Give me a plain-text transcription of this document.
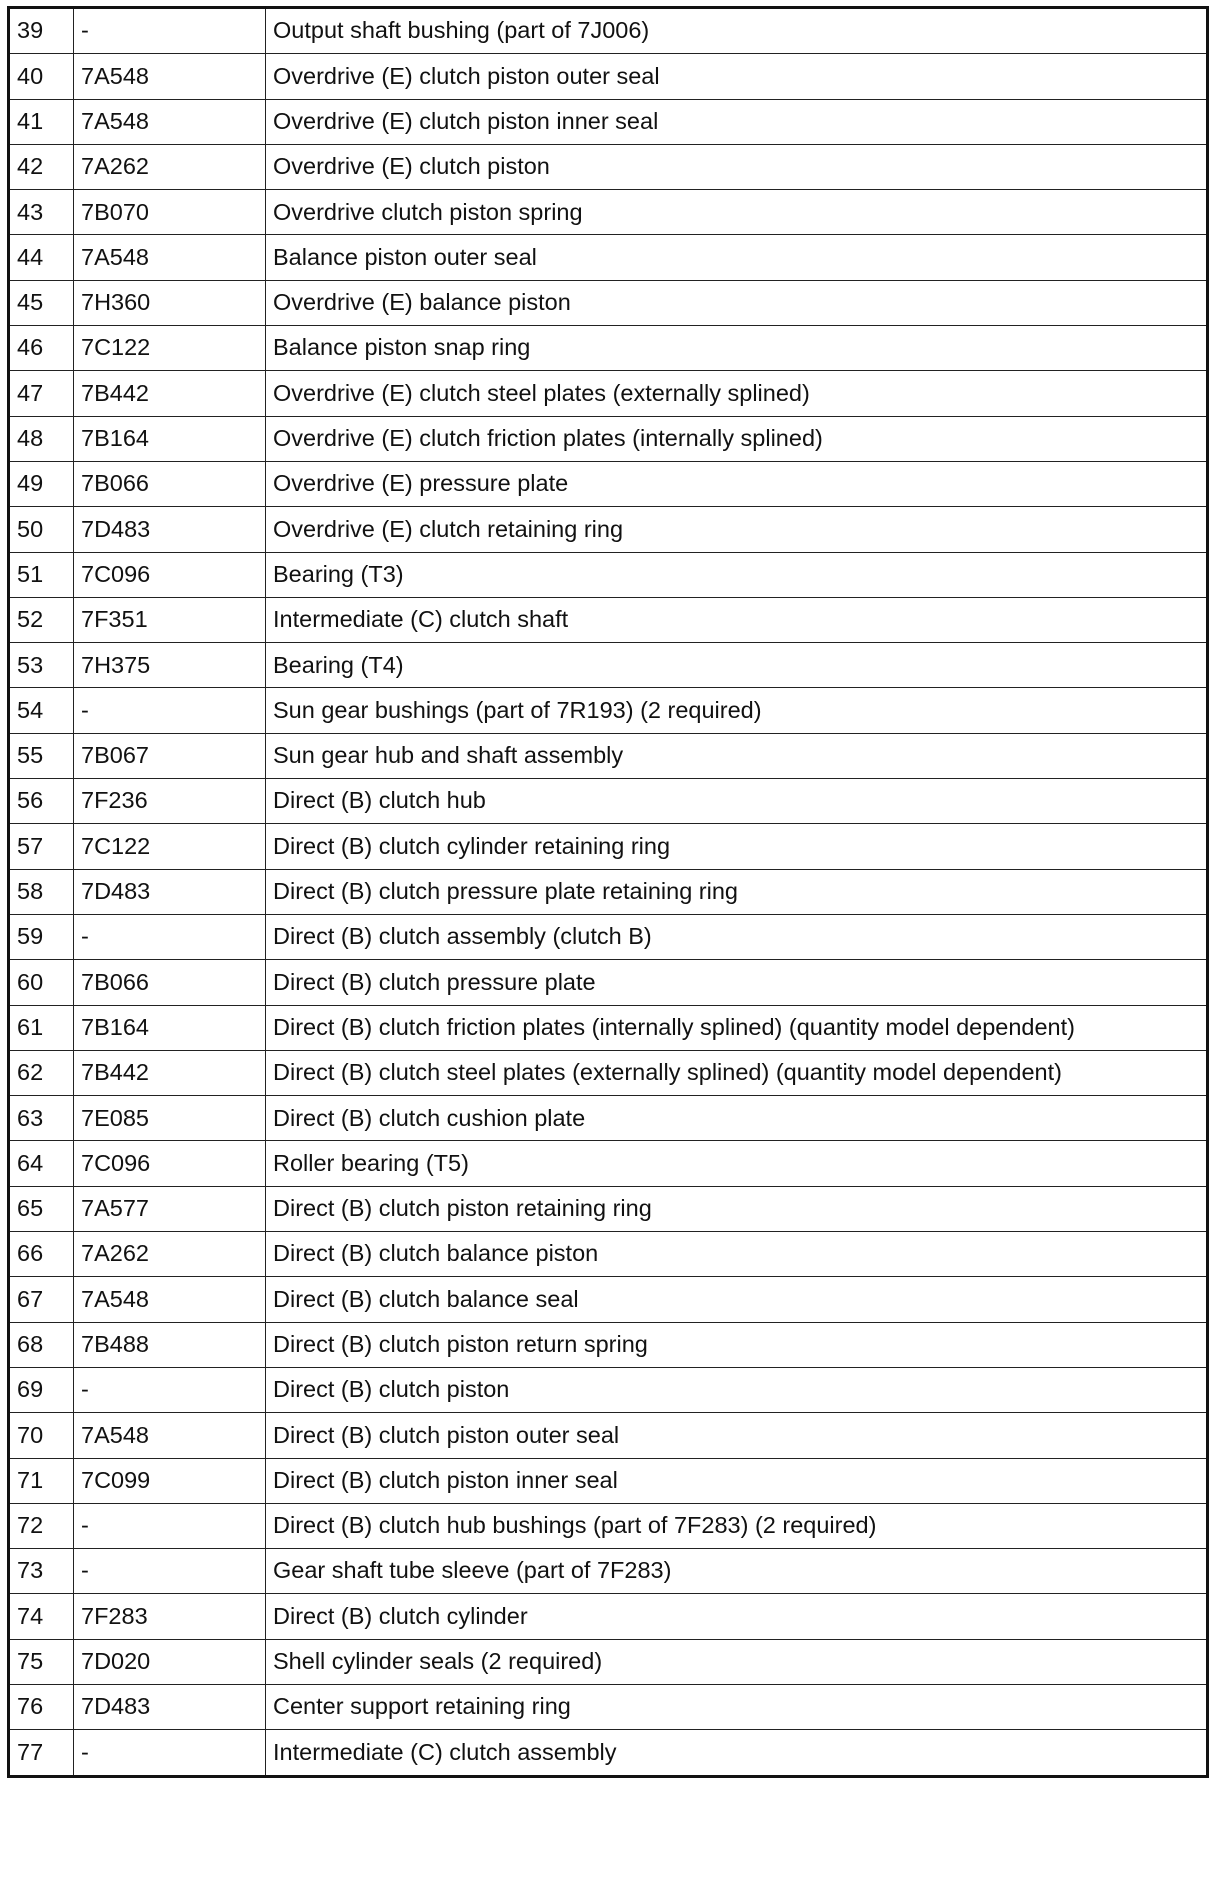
39	-	Output shaft bushing (part of 7J006)
40	7A548	Overdrive (E) clutch piston outer seal
41	7A548	Overdrive (E) clutch piston inner seal
42	7A262	Overdrive (E) clutch piston
43	7B070	Overdrive clutch piston spring
44	7A548	Balance piston outer seal
45	7H360	Overdrive (E) balance piston
46	7C122	Balance piston snap ring
47	7B442	Overdrive (E) clutch steel plates (externally splined)
48	7B164	Overdrive (E) clutch friction plates (internally splined)
49	7B066	Overdrive (E) pressure plate
50	7D483	Overdrive (E) clutch retaining ring
51	7C096	Bearing (T3)
52	7F351	Intermediate (C) clutch shaft
53	7H375	Bearing (T4)
54	-	Sun gear bushings (part of 7R193) (2 required)
55	7B067	Sun gear hub and shaft assembly
56	7F236	Direct (B) clutch hub
57	7C122	Direct (B) clutch cylinder retaining ring
58	7D483	Direct (B) clutch pressure plate retaining ring
59	-	Direct (B) clutch assembly (clutch B)
60	7B066	Direct (B) clutch pressure plate
61	7B164	Direct (B) clutch friction plates (internally splined) (quantity model dependent)
62	7B442	Direct (B) clutch steel plates (externally splined) (quantity model dependent)
63	7E085	Direct (B) clutch cushion plate
64	7C096	Roller bearing (T5)
65	7A577	Direct (B) clutch piston retaining ring
66	7A262	Direct (B) clutch balance piston
67	7A548	Direct (B) clutch balance seal
68	7B488	Direct (B) clutch piston return spring
69	-	Direct (B) clutch piston
70	7A548	Direct (B) clutch piston outer seal
71	7C099	Direct (B) clutch piston inner seal
72	-	Direct (B) clutch hub bushings (part of 7F283) (2 required)
73	-	Gear shaft tube sleeve (part of 7F283)
74	7F283	Direct (B) clutch cylinder
75	7D020	Shell cylinder seals (2 required)
76	7D483	Center support retaining ring
77	-	Intermediate (C) clutch assembly
